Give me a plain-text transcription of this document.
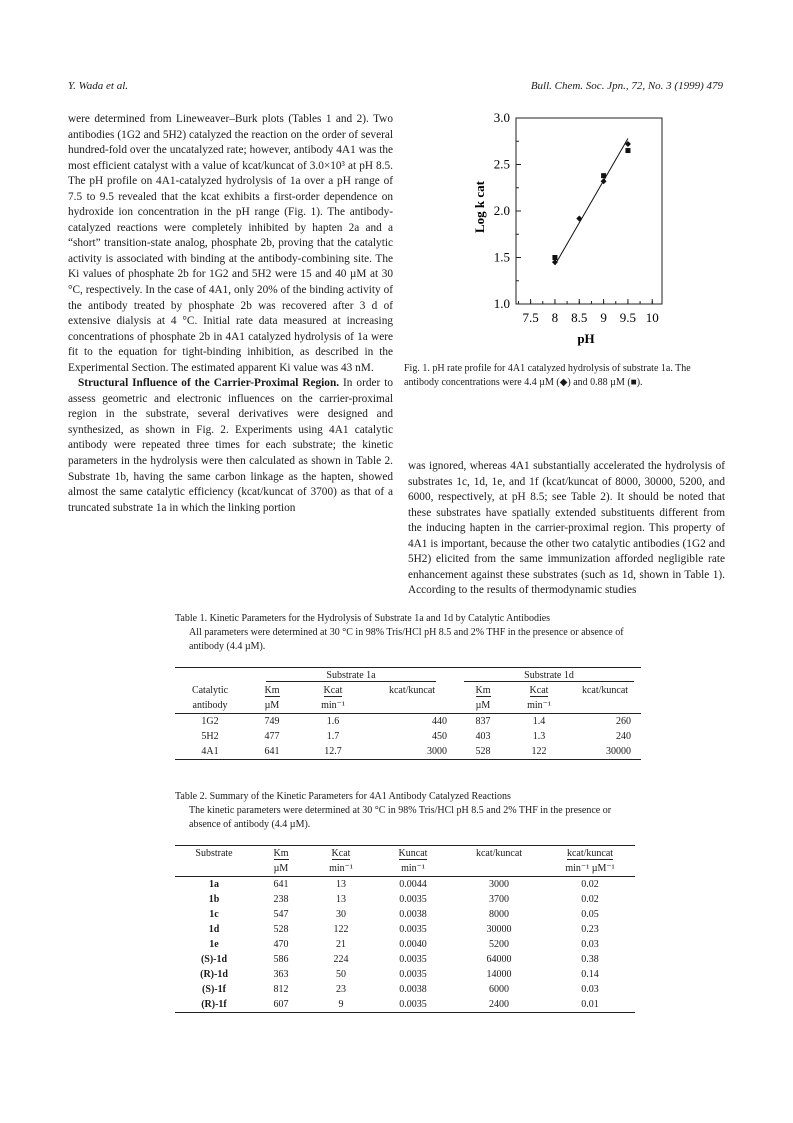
Y. Wada et al.	Bull. Chem. Soc. Jpn., 72, No. 3 (1999) 479

were determined from Lineweaver–Burk plots (Tables 1 and 2). Two antibodies (1G2 and 5H2) catalyzed the reaction on the order of several hundred-fold over the uncatalyzed rate; however, antibody 4A1 was the most efficient catalyst with a value of kcat/kuncat of 3.0×10³ at pH 8.5. The pH profile on 4A1-catalyzed hydrolysis of 1a over a pH range of 7.5 to 9.5 revealed that the kcat exhibits a first-order dependence on hydroxide ion concentration in the pH range (Fig. 1). The antibody-catalyzed reactions were completely inhibited by hapten 2a and a “short” transition-state analog, phosphate 2b, proving that the catalytic activity is associated with binding at the antibody-combining site. The Ki values of phosphate 2b for 1G2 and 5H2 were 15 and 40 µM at 30 °C, respectively. In the case of 4A1, only 20% of the binding activity of the antibody treated by phosphate 2b was recovered after 3 d of extensive dialysis at 4 °C. Initial rate data measured at increasing concentrations of phosphate 2b in 4A1 catalyzed hydrolysis of 1a were fit to the equation for tight-binding inhibition, as described in the Experimental Section. The estimated apparent Ki value was 43 nM.

Structural Influence of the Carrier-Proximal Region. In order to assess geometric and electronic influences on the carrier-proximal region in the substrate, several derivatives were designed and synthesized, as shown in Fig. 2. Experiments using 4A1 catalytic antibody were repeated three times for each substrate; the kinetic parameters in the hydrolysis were then calculated as shown in Table 2. Substrate 1b, having the same carbon linkage as the hapten, showed almost the same catalytic efficiency (kcat/kuncat of 3700) as that of a truncated substrate 1a in which the linking portion

1.0
1.5
2.0
2.5
3.0
7.5 8 8.5 9 9.5 10
Log k cat
pH
Fig. 1. pH rate profile for 4A1 catalyzed hydrolysis of substrate 1a. The antibody concentrations were 4.4 µM (◆) and 0.88 µM (■).

was ignored, whereas 4A1 substantially accelerated the hydrolysis of substrates 1c, 1d, 1e, and 1f (kcat/kuncat of 8000, 30000, 5200, and 6000, respectively, at pH 8.5; see Table 2). It should be noted that these substrates have spatially extended substituents different from the inducing hapten in the carrier-proximal region. This property of 4A1 is important, because the other two catalytic antibodies (1G2 and 5H2) elicited from the same immunization afforded negligible rate enhancement against these substrates (such as 1d, shown in Table 1). According to the results of thermodynamic studies

Table 1. Kinetic Parameters for the Hydrolysis of Substrate 1a and 1d by Catalytic Antibodies
All parameters were determined at 30 °C in 98% Tris/HCl pH 8.5 and 2% THF in the presence or absence of antibody (4.4 µM).
	Substrate 1a			Substrate 1d		
Catalytic	Km	Kcat	kcat/kuncat	Km	Kcat	kcat/kuncat
antibody	µM	min⁻¹		µM	min⁻¹	
1G2	749	1.6	440	837	1.4	260
5H2	477	1.7	450	403	1.3	240
4A1	641	12.7	3000	528	122	30000
Table 2. Summary of the Kinetic Parameters for 4A1 Antibody Catalyzed Reactions
The kinetic parameters were determined at 30 °C in 98% Tris/HCl pH 8.5 and 2% THF in the presence or absence of antibody (4.4 µM).
Substrate	Km	Kcat	Kuncat	kcat/kuncat	kcat/kuncat
	µM	min⁻¹	min⁻¹		min⁻¹ µM⁻¹
1a	641	13	0.0044	3000	0.02
1b	238	13	0.0035	3700	0.02
1c	547	30	0.0038	8000	0.05
1d	528	122	0.0035	30000	0.23
1e	470	21	0.0040	5200	0.03
(S)-1d	586	224	0.0035	64000	0.38
(R)-1d	363	50	0.0035	14000	0.14
(S)-1f	812	23	0.0038	6000	0.03
(R)-1f	607	9	0.0035	2400	0.01
